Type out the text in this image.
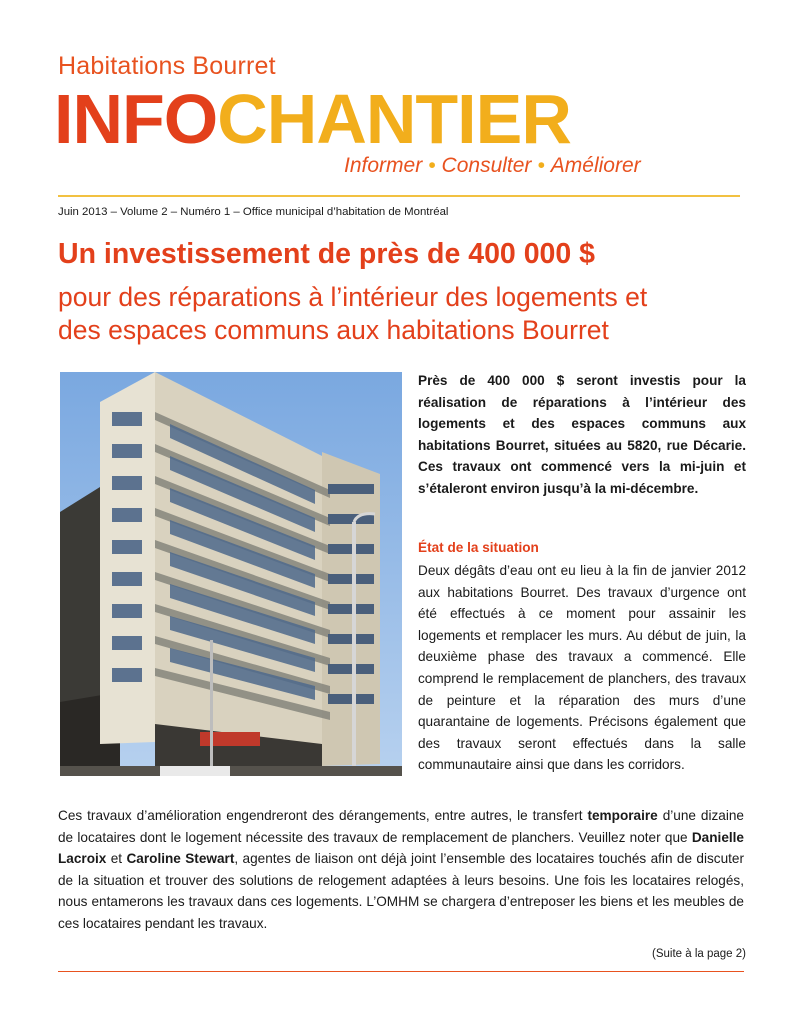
Habitations Bourret
INFOCHANTIER
Informer • Consulter • Améliorer
Juin 2013 – Volume 2 – Numéro 1 – Office municipal d’habitation de Montréal
Un investissement de près de 400 000 $
pour des réparations à l’intérieur des logements et
des espaces communs aux habitations Bourret
Près de 400 000 $ seront investis pour la réalisation de réparations à l’intérieur des logements et des espaces communs aux habitations Bourret, situées au 5820, rue Décarie. Ces travaux ont commencé vers la mi-juin et s’étaleront environ jusqu’à la mi-décembre.
État de la situation
Deux dégâts d’eau ont eu lieu à la fin de janvier 2012 aux habitations Bourret. Des travaux d’urgence ont été effectués à ce moment pour assainir les logements et remplacer les murs. Au début de juin, la deuxième phase des travaux a commencé. Elle comprend le remplacement de planchers, des travaux de peinture et la réparation des murs d’une quarantaine de logements. Précisons également que des travaux seront effectués dans la salle communautaire ainsi que dans les corridors.
Ces travaux d’amélioration engendreront des dérangements, entre autres, le transfert temporaire d’une dizaine de locataires dont le logement nécessite des travaux de remplacement de planchers. Veuillez noter que Danielle Lacroix et Caroline Stewart, agentes de liaison ont déjà joint l’ensemble des locataires touchés afin de discuter de la situation et trouver des solutions de relogement adaptées à leurs besoins. Une fois les locataires relogés, nous entamerons les travaux dans ces logements. L’OMHM se chargera d’entreposer les biens et les meubles de ces locataires pendant les travaux.
(Suite à la page 2)
